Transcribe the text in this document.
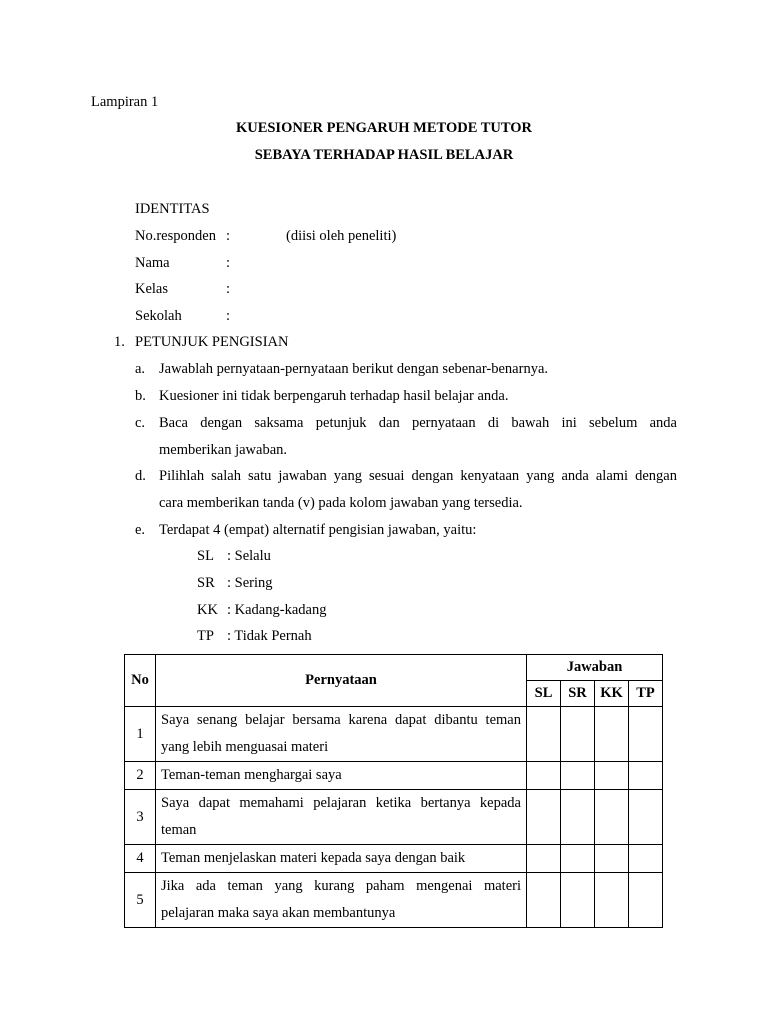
Lampiran 1
KUESIONER PENGARUH METODE TUTOR
SEBAYA TERHADAP HASIL BELAJAR
IDENTITAS
No.responden :	(diisi oleh peneliti)
Nama	:
Kelas	:
Sekolah	:
1. PETUNJUK PENGISIAN
a. Jawablah pernyataan-pernyataan berikut dengan sebenar-benarnya.
b. Kuesioner ini tidak berpengaruh terhadap hasil belajar anda.
c. Baca dengan saksama petunjuk dan pernyataan di bawah ini sebelum anda
memberikan jawaban.
d. Pilihlah salah satu jawaban yang sesuai dengan kenyataan yang anda alami dengan
cara memberikan tanda (v) pada kolom jawaban yang tersedia.
e. Terdapat 4 (empat) alternatif pengisian jawaban, yaitu:
SL : Selalu
SR : Sering
KK : Kadang-kadang
TP : Tidak Pernah
No	Pernyataan	Jawaban			
		SL	SR	KK	TP
1	Saya senang belajar bersama karena dapat dibantu teman yang lebih menguasai materi				
2	Teman-teman menghargai saya				
3	Saya dapat memahami pelajaran ketika bertanya kepada teman				
4	Teman menjelaskan materi kepada saya dengan baik				
5	Jika ada teman yang kurang paham mengenai materi pelajaran maka saya akan membantunya				
